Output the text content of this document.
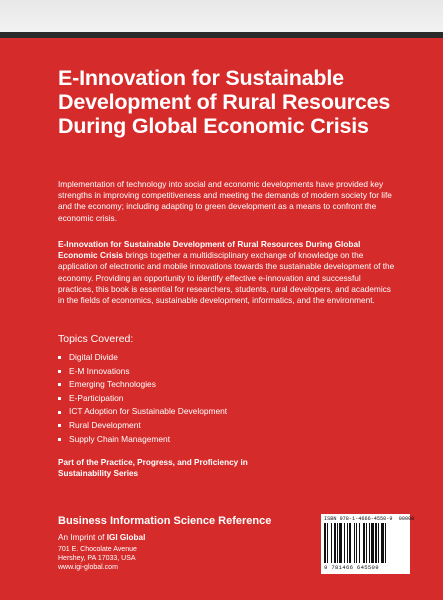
E-Innovation for Sustainable Development of Rural Resources During Global Economic Crisis

Implementation of technology into social and economic developments have provided key strengths in improving competitiveness and meeting the demands of modern society for life and the economy; including adapting to green development as a means to confront the economic crisis.

E-Innovation for Sustainable Development of Rural Resources During Global Economic Crisis brings together a multidisciplinary exchange of knowledge on the application of electronic and mobile innovations towards the sustainable development of the economy. Providing an opportunity to identify effective e-innovation and successful practices, this book is essential for researchers, students, rural developers, and academics in the fields of economics, sustainable development, informatics, and the environment.

Topics Covered:

Digital Divide
E-M Innovations
Emerging Technologies
E-Participation
ICT Adoption for Sustainable Development
Rural Development
Supply Chain Management

Part of the Practice, Progress, and Proficiency in Sustainability Series

Business Information Science Reference

An Imprint of IGI Global

701 E. Chocolate Avenue

Hershey, PA 17033, USA

www.igi-global.com

ISBN 978-1-4666-4550-9 90000
9 781466 645509
